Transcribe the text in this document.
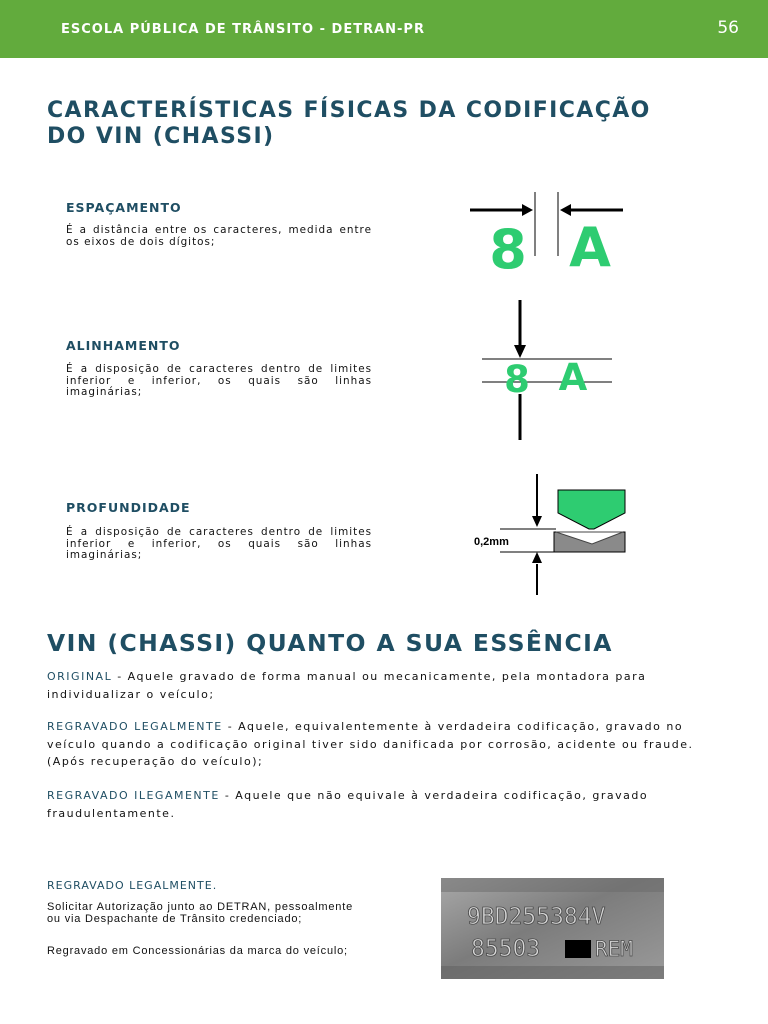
ESCOLA PÚBLICA DE TRÂNSITO - DETRAN-PR	56
CARACTERÍSTICAS FÍSICAS DA CODIFICAÇÃO DO VIN (CHASSI)
ESPAÇAMENTO
É a distância entre os caracteres, medida entre os eixos de dois dígitos;	8 A
ALINHAMENTO
É a disposição de caracteres dentro de limites inferior e inferior, os quais são linhas imaginárias;	8 A
PROFUNDIDADE
É a disposição de caracteres dentro de limites inferior e inferior, os quais são linhas imaginárias;
0,2mm
VIN (CHASSI) QUANTO A SUA ESSÊNCIA
ORIGINAL - Aquele gravado de forma manual ou mecanicamente, pela montadora para individualizar o veículo;
REGRAVADO LEGALMENTE - Aquele, equivalentemente à verdadeira codificação, gravado no veículo quando a codificação original tiver sido danificada por corrosão, acidente ou fraude. (Após recuperação do veículo);
REGRAVADO ILEGAMENTE - Aquele que não equivale à verdadeira codificação, gravado fraudulentamente.
REGRAVADO LEGALMENTE.
Solicitar Autorização junto ao DETRAN, pessoalmente ou via Despachante de Trânsito credenciado;
Regravado em Concessionárias da marca do veículo;
9BD255384V
85503	REM
